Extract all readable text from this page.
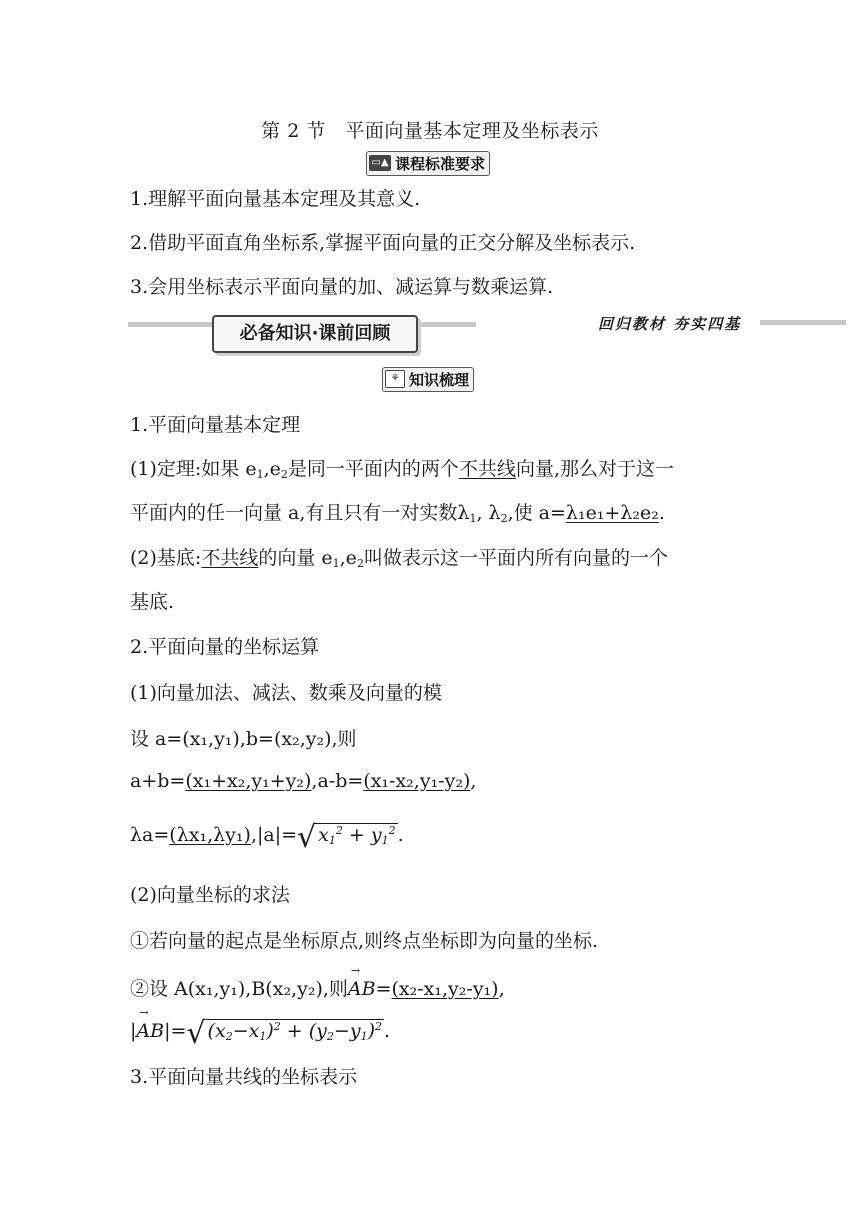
第 2 节　平面向量基本定理及坐标表示
▭▲ 课程标准要求
1.理解平面向量基本定理及其意义.
2.借助平面直角坐标系,掌握平面向量的正交分解及坐标表示.
3.会用坐标表示平面向量的加、减运算与数乘运算.
必备知识·课前回顾	回归教材 夯实四基
⚘ 知识梳理
1.平面向量基本定理
(1)定理:如果 $e_1,e_2$是同一平面内的两个不共线向量,那么对于这一
平面内的任一向量 a,有且只有一对实数$\lambda_1$, $\lambda_2$,使 a=λ₁e₁+λ₂e₂.
(2)基底:不共线的向量 $e_1,e_2$叫做表示这一平面内所有向量的一个
基底.
2.平面向量的坐标运算
(1)向量加法、减法、数乘及向量的模
设 a=(x₁,y₁),b=(x₂,y₂),则
a+b=(x₁+x₂,y₁+y₂),a-b=(x₁-x₂,y₁-y₂),
λa=(λx₁,λy₁),|a|=√ $x_1^2 + y_1^2$ .
(2)向量坐标的求法
①若向量的起点是坐标原点,则终点坐标即为向量的坐标.
②设 A(x₁,y₁),B(x₂,y₂),则→ AB=(x₂-x₁,y₂-y₁),
|→ AB|=√ $(x_2-x_1)^2 + (y_2-y_1)^2$ .
3.平面向量共线的坐标表示
